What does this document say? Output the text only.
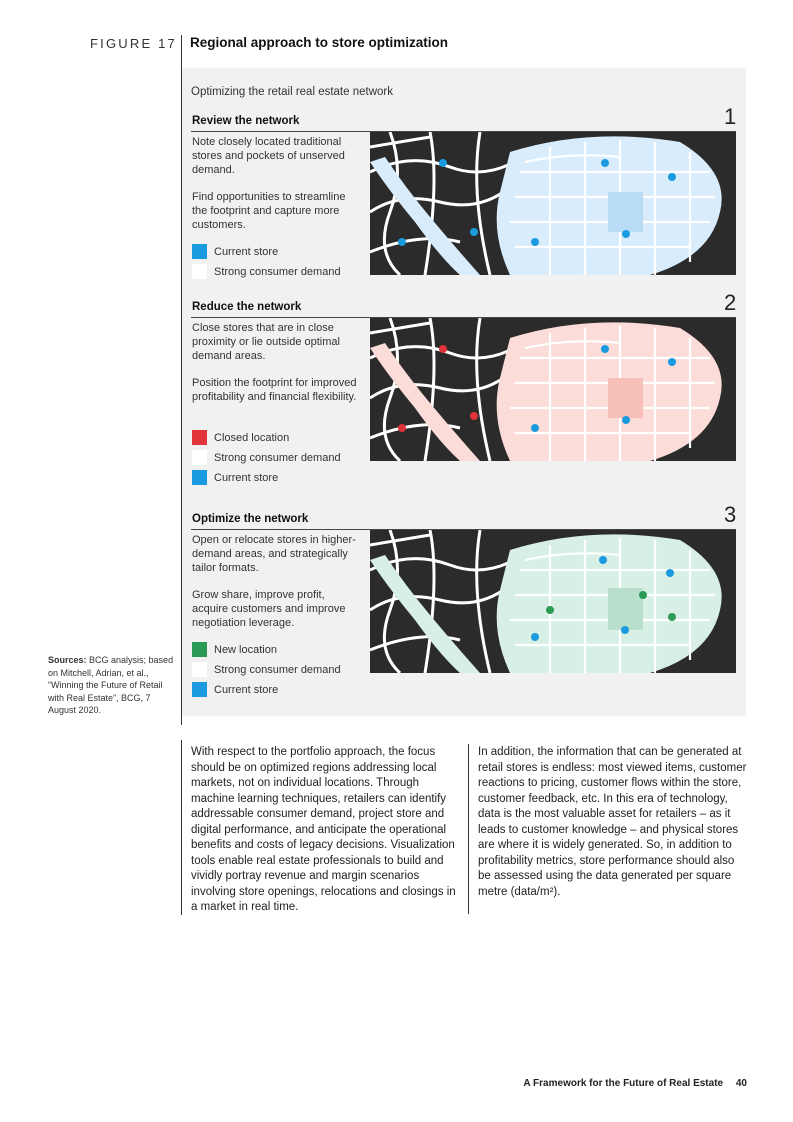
FIGURE 17 Regional approach to store optimization
Optimizing the retail real estate network
Review the network	1
Note closely located traditional stores and pockets of unserved demand.
Find opportunities to streamline the footprint and capture more customers.
Current store
Strong consumer demand
Reduce the network	2
Close stores that are in close proximity or lie outside optimal demand areas.
Position the footprint for improved profitability and financial flexibility.
Closed location
Strong consumer demand
Current store
Optimize the network	3
Open or relocate stores in higher-demand areas, and strategically tailor formats.
Grow share, improve profit, acquire customers and improve negotiation leverage.
New location
Strong consumer demand
Current store
Sources: BCG analysis; based on Mitchell, Adrian, et al., “Winning the Future of Retail with Real Estate”, BCG, 7 August 2020.
With respect to the portfolio approach, the focus should be on optimized regions addressing local markets, not on individual locations. Through machine learning techniques, retailers can identify addressable consumer demand, project store and digital performance, and anticipate the operational benefits and costs of legacy decisions. Visualization tools enable real estate professionals to build and vividly portray revenue and margin scenarios involving store openings, relocations and closings in a market in real time.
In addition, the information that can be generated at retail stores is endless: most viewed items, customer reactions to pricing, customer flows within the store, customer feedback, etc. In this era of technology, data is the most valuable asset for retailers – as it leads to customer knowledge – and physical stores are where it is widely generated. So, in addition to profitability metrics, store performance should also be assessed using the data generated per square metre (data/m²).
A Framework for the Future of Real Estate 40
